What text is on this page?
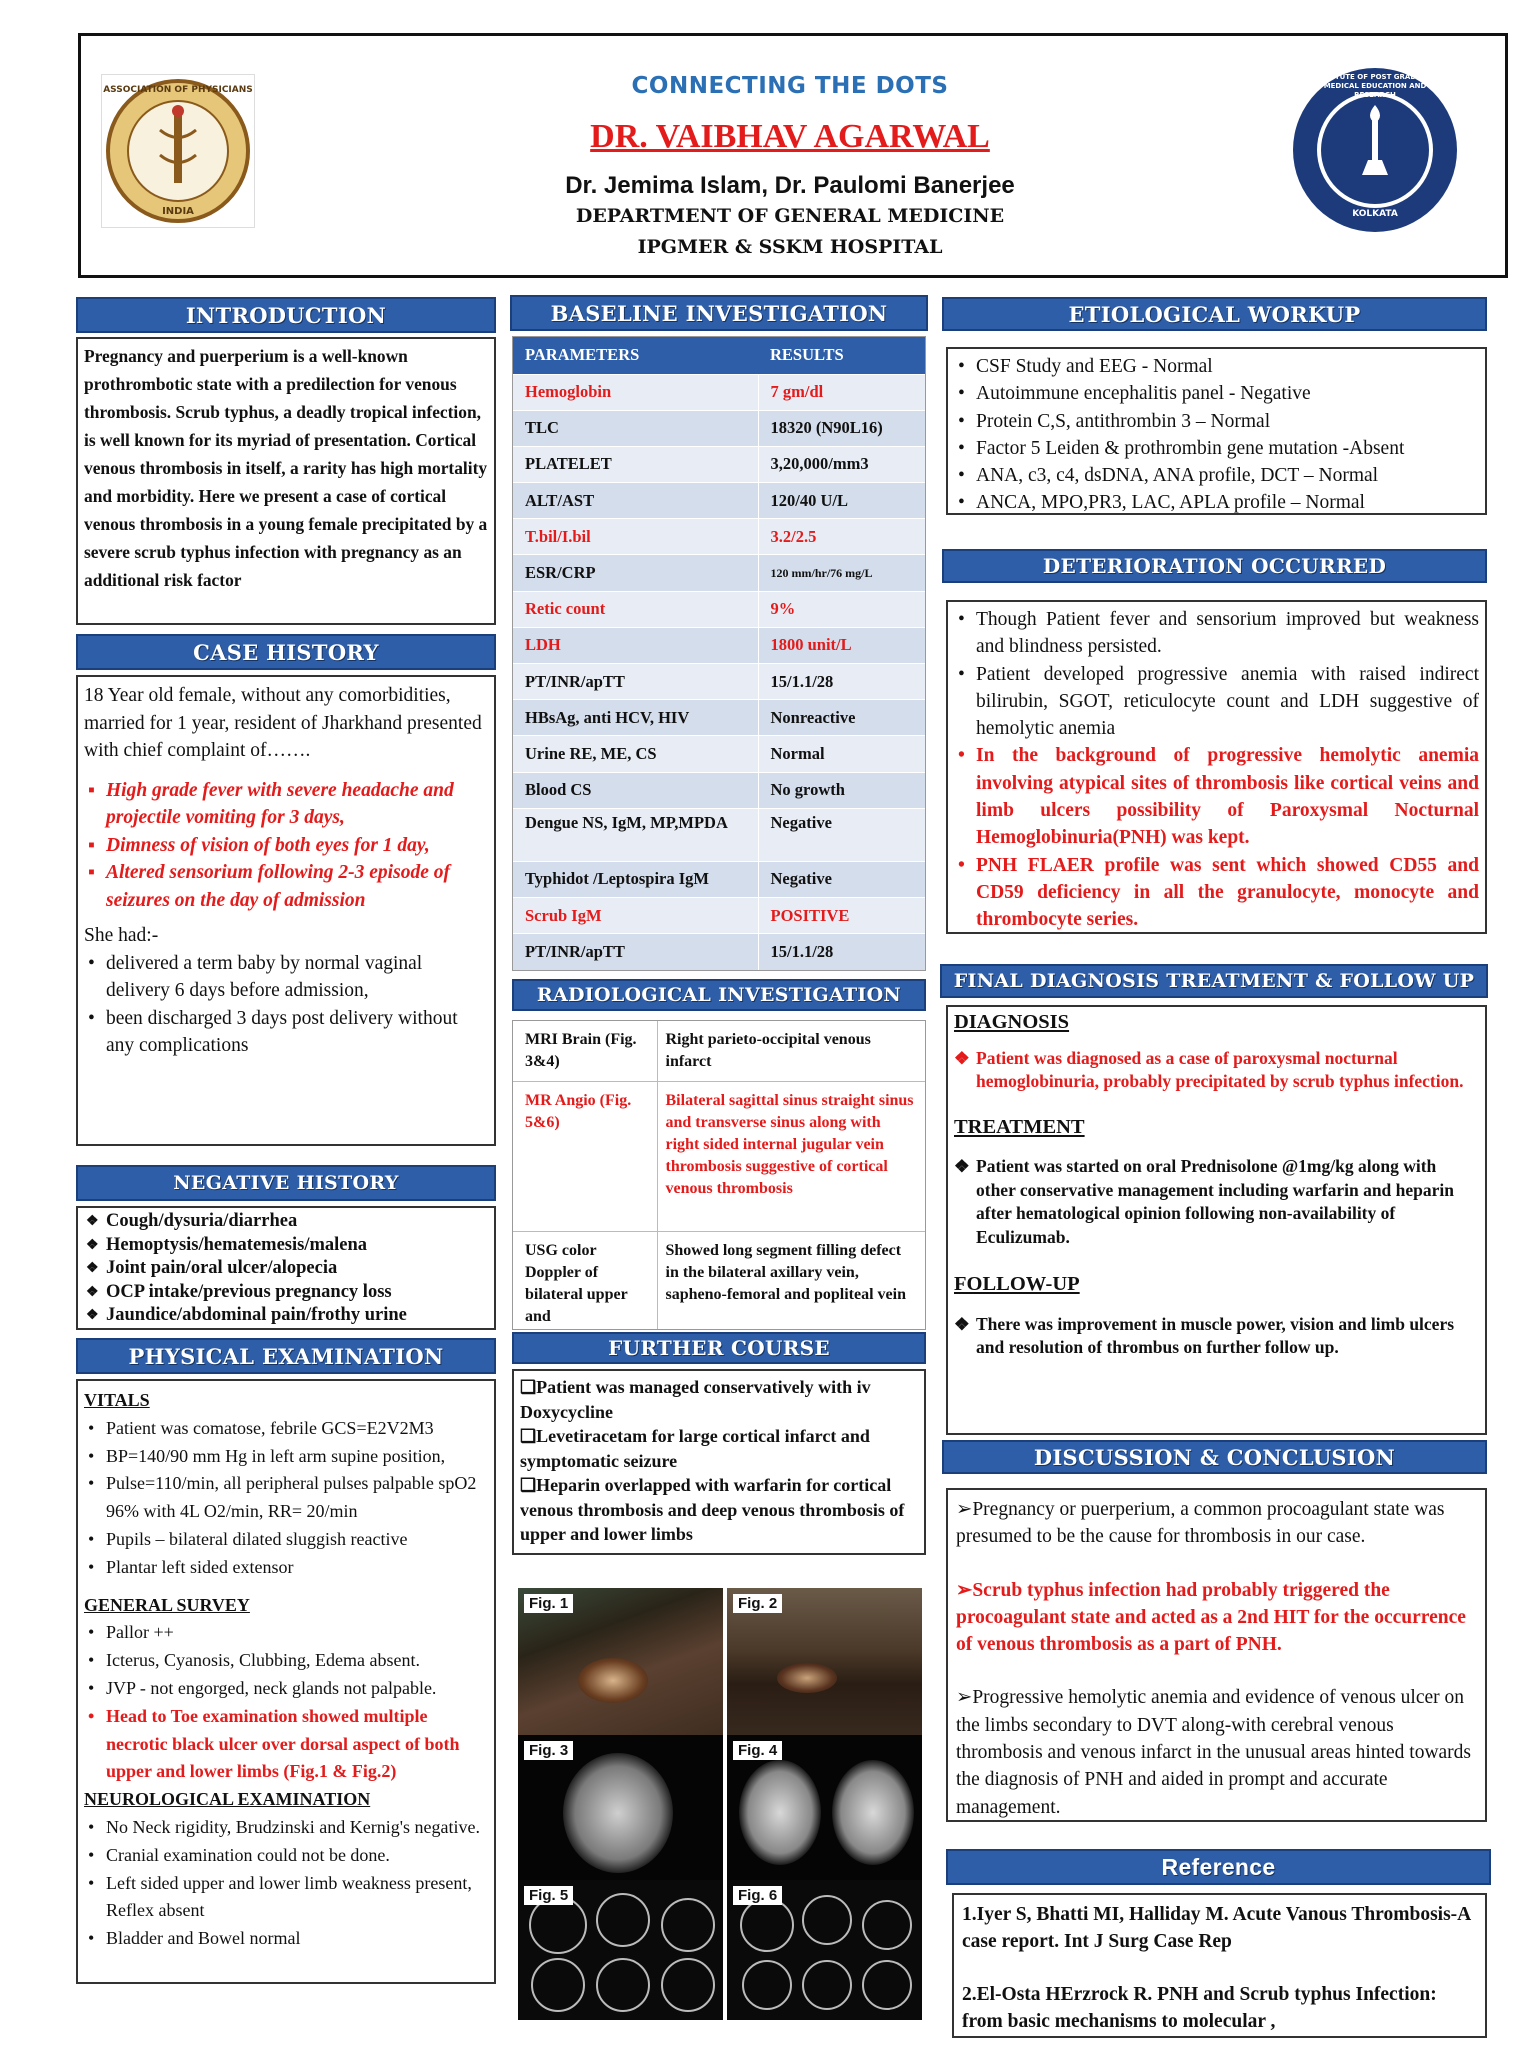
ASSOCIATION OF PHYSICIANS
INDIA
INSTITUTE OF POST GRADUATE MEDICAL EDUCATION AND RESEARCH
KOLKATA
CONNECTING THE DOTS
DR. VAIBHAV AGARWAL
Dr. Jemima Islam, Dr. Paulomi Banerjee
DEPARTMENT OF GENERAL MEDICINE
IPGMER & SSKM HOSPITAL
INTRODUCTION
Pregnancy and puerperium is a well-known prothrombotic state with a predilection for venous thrombosis. Scrub typhus, a deadly tropical infection, is well known for its myriad of presentation. Cortical venous thrombosis in itself, a rarity has high mortality and morbidity. Here we present a case of cortical venous thrombosis in a young female precipitated by a severe scrub typhus infection with pregnancy as an additional risk factor
CASE HISTORY
18 Year old female, without any comorbidities, married for 1 year, resident of Jharkhand presented with chief complaint of…….
▪ High grade fever with severe headache and projectile vomiting for 3 days,
▪ Dimness of vision of both eyes for 1 day,
▪ Altered sensorium following 2-3 episode of seizures on the day of admission
She had:-
• delivered a term baby by normal vaginal delivery 6 days before admission,
• been discharged 3 days post delivery without any complications
NEGATIVE HISTORY
❖ Cough/dysuria/diarrhea
❖ Hemoptysis/hematemesis/malena
❖ Joint pain/oral ulcer/alopecia
❖ OCP intake/previous pregnancy loss
❖ Jaundice/abdominal pain/frothy urine
PHYSICAL EXAMINATION
VITALS
• Patient was comatose, febrile GCS=E2V2M3
• BP=140/90 mm Hg in left arm supine position,
• Pulse=110/min, all peripheral pulses palpable spO2 96% with 4L O2/min, RR= 20/min
• Pupils – bilateral dilated sluggish reactive
• Plantar left sided extensor
GENERAL SURVEY
• Pallor ++
• Icterus, Cyanosis, Clubbing, Edema absent.
• JVP - not engorged, neck glands not palpable.
• Head to Toe examination showed multiple necrotic black ulcer over dorsal aspect of both upper and lower limbs (Fig.1 & Fig.2)
NEUROLOGICAL EXAMINATION
• No Neck rigidity, Brudzinski and Kernig's negative.
• Cranial examination could not be done.
• Left sided upper and lower limb weakness present, Reflex absent
• Bladder and Bowel normal
BASELINE INVESTIGATION
PARAMETERS	RESULTS
Hemoglobin	7 gm/dl
TLC	18320 (N90L16)
PLATELET	3,20,000/mm3
ALT/AST	120/40 U/L
T.bil/I.bil	3.2/2.5
ESR/CRP	120 mm/hr/76 mg/L
Retic count	9%
LDH	1800 unit/L
PT/INR/apTT	15/1.1/28
HBsAg, anti HCV, HIV	Nonreactive
Urine RE, ME, CS	Normal
Blood CS	No growth
Dengue NS, IgM, MP,MPDA	Negative
Typhidot /Leptospira IgM	Negative
Scrub IgM	POSITIVE
PT/INR/apTT	15/1.1/28
RADIOLOGICAL INVESTIGATION
MRI Brain (Fig. 3&4)	Right parieto-occipital venous infarct
MR Angio (Fig. 5&6)	Bilateral sagittal sinus straight sinus and transverse sinus along with right sided internal jugular vein thrombosis suggestive of cortical venous thrombosis
USG color Doppler of bilateral upper and	Showed long segment filling defect in the bilateral axillary vein, sapheno-femoral and popliteal vein
FURTHER COURSE
❑Patient was managed conservatively with iv Doxycycline
❑Levetiracetam for large cortical infarct and symptomatic seizure
❑Heparin overlapped with warfarin for cortical venous thrombosis and deep venous thrombosis of upper and lower limbs
Fig. 1	Fig. 2
Fig. 3	Fig. 4
Fig. 5	Fig. 6
ETIOLOGICAL WORKUP
• CSF Study and EEG - Normal
• Autoimmune encephalitis panel - Negative
• Protein C,S, antithrombin 3 – Normal
• Factor 5 Leiden & prothrombin gene mutation -Absent
• ANA, c3, c4, dsDNA, ANA profile, DCT – Normal
• ANCA, MPO,PR3, LAC, APLA profile – Normal
DETERIORATION OCCURRED
• Though Patient fever and sensorium improved but weakness and blindness persisted.
• Patient developed progressive anemia with raised indirect bilirubin, SGOT, reticulocyte count and LDH suggestive of hemolytic anemia
• In the background of progressive hemolytic anemia involving atypical sites of thrombosis like cortical veins and limb ulcers possibility of Paroxysmal Nocturnal Hemoglobinuria(PNH) was kept.
• PNH FLAER profile was sent which showed CD55 and CD59 deficiency in all the granulocyte, monocyte and thrombocyte series.
FINAL DIAGNOSIS TREATMENT & FOLLOW UP
DIAGNOSIS
❖ Patient was diagnosed as a case of paroxysmal nocturnal hemoglobinuria, probably precipitated by scrub typhus infection.
TREATMENT
❖ Patient was started on oral Prednisolone @1mg/kg along with other conservative management including warfarin and heparin after hematological opinion following non-availability of Eculizumab.
FOLLOW-UP
❖ There was improvement in muscle power, vision and limb ulcers and resolution of thrombus on further follow up.
DISCUSSION & CONCLUSION
➢Pregnancy or puerperium, a common procoagulant state was presumed to be the cause for thrombosis in our case.
➢Scrub typhus infection had probably triggered the procoagulant state and acted as a 2nd HIT for the occurrence of venous thrombosis as a part of PNH.
➢Progressive hemolytic anemia and evidence of venous ulcer on the limbs secondary to DVT along-with cerebral venous thrombosis and venous infarct in the unusual areas hinted towards the diagnosis of PNH and aided in prompt and accurate management.
Reference
1.Iyer S, Bhatti MI, Halliday M. Acute Vanous Thrombosis-A case report. Int J Surg Case Rep
2.El-Osta HErzrock R. PNH and Scrub typhus Infection: from basic mechanisms to molecular ,
